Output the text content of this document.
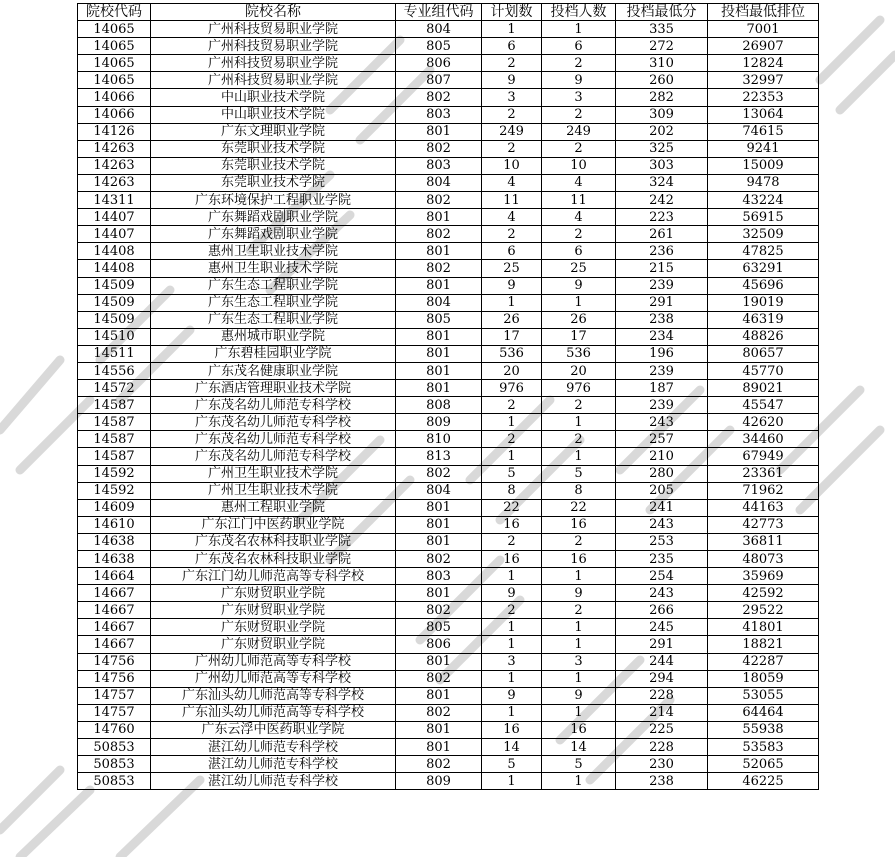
院校代码	院校名称	专业组代码	计划数	投档人数	投档最低分	投档最低排位
14065	广州科技贸易职业学院	804	1	1	335	7001
14065	广州科技贸易职业学院	805	6	6	272	26907
14065	广州科技贸易职业学院	806	2	2	310	12824
14065	广州科技贸易职业学院	807	9	9	260	32997
14066	中山职业技术学院	802	3	3	282	22353
14066	中山职业技术学院	803	2	2	309	13064
14126	广东文理职业学院	801	249	249	202	74615
14263	东莞职业技术学院	802	2	2	325	9241
14263	东莞职业技术学院	803	10	10	303	15009
14263	东莞职业技术学院	804	4	4	324	9478
14311	广东环境保护工程职业学院	802	11	11	242	43224
14407	广东舞蹈戏剧职业学院	801	4	4	223	56915
14407	广东舞蹈戏剧职业学院	802	2	2	261	32509
14408	惠州卫生职业技术学院	801	6	6	236	47825
14408	惠州卫生职业技术学院	802	25	25	215	63291
14509	广东生态工程职业学院	801	9	9	239	45696
14509	广东生态工程职业学院	804	1	1	291	19019
14509	广东生态工程职业学院	805	26	26	238	46319
14510	惠州城市职业学院	801	17	17	234	48826
14511	广东碧桂园职业学院	801	536	536	196	80657
14556	广东茂名健康职业学院	801	20	20	239	45770
14572	广东酒店管理职业技术学院	801	976	976	187	89021
14587	广东茂名幼儿师范专科学校	808	2	2	239	45547
14587	广东茂名幼儿师范专科学校	809	1	1	243	42620
14587	广东茂名幼儿师范专科学校	810	2	2	257	34460
14587	广东茂名幼儿师范专科学校	813	1	1	210	67949
14592	广州卫生职业技术学院	802	5	5	280	23361
14592	广州卫生职业技术学院	804	8	8	205	71962
14609	惠州工程职业学院	801	22	22	241	44163
14610	广东江门中医药职业学院	801	16	16	243	42773
14638	广东茂名农林科技职业学院	801	2	2	253	36811
14638	广东茂名农林科技职业学院	802	16	16	235	48073
14664	广东江门幼儿师范高等专科学校	803	1	1	254	35969
14667	广东财贸职业学院	801	9	9	243	42592
14667	广东财贸职业学院	802	2	2	266	29522
14667	广东财贸职业学院	805	1	1	245	41801
14667	广东财贸职业学院	806	1	1	291	18821
14756	广州幼儿师范高等专科学校	801	3	3	244	42287
14756	广州幼儿师范高等专科学校	802	1	1	294	18059
14757	广东汕头幼儿师范高等专科学校	801	9	9	228	53055
14757	广东汕头幼儿师范高等专科学校	802	1	1	214	64464
14760	广东云浮中医药职业学院	801	16	16	225	55938
50853	湛江幼儿师范专科学校	801	14	14	228	53583
50853	湛江幼儿师范专科学校	802	5	5	230	52065
50853	湛江幼儿师范专科学校	809	1	1	238	46225
